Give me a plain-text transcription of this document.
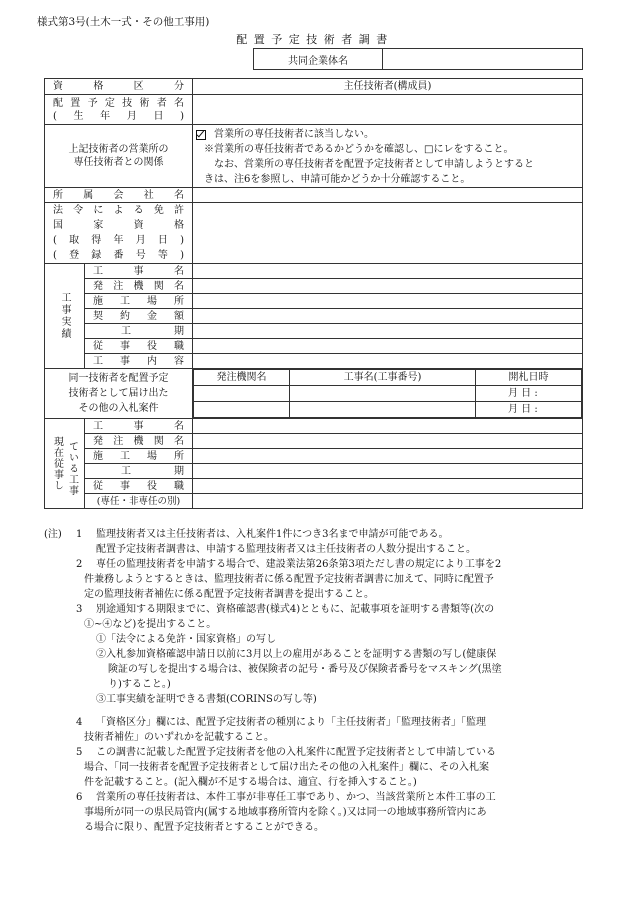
様式第3号(土木一式・その他工事用)
配置予定技術者調書
共同企業体名
資格区分	主任技術者(構成員)

配置予定技術者名
(生年月日)

上記技術者の営業所の
専任技術者との関係

営業所の専任技術者に該当しない。
※営業所の専任技術者であるかどうかを確認し、□にレをすること。
なお、営業所の専任技術者を配置予定技術者として申請しようとすると
きは、注6を参照し、申請可能かどうか十分確認すること。

所属会社名

法令による免許
国家資格
(取得年月日)
(登録番号等)

工事実績	
工事名

発注機関名

施工場所

契約金額

工期

従事役職

工事内容

同一技術者を配置予定
技術者として届け出た
その他の入札案件

発注機関名	工事名(工事番号)	開札日時
		月 日 :
		月 日 :

現在従事し ている工事

工事名

発注機関名

施工場所

工期

従事役職

(専任・非専任の別)	
(注) 1 監理技術者又は主任技術者は、入札案件1件につき3名まで申請が可能である。
配置予定技術者調書は、申請する監理技術者又は主任技術者の人数分提出すること。
2 専任の監理技術者を申請する場合で、建設業法第26条第3項ただし書の規定により工事を2
件兼務しようとするときは、監理技術者に係る配置予定技術者調書に加えて、同時に配置予
定の監理技術者補佐に係る配置予定技術者調書を提出すること。
3 別途通知する期限までに、資格確認書(様式4)とともに、記載事項を証明する書類等(次の
①~④など)を提出すること。
①「法令による免許・国家資格」の写し
②入札参加資格確認申請日以前に3月以上の雇用があることを証明する書類の写し(健康保
険証の写しを提出する場合は、被保険者の記号・番号及び保険者番号をマスキング(黒塗
り)すること。)
③工事実績を証明できる書類(CORINSの写し等)
4 「資格区分」欄には、配置予定技術者の種別により「主任技術者」「監理技術者」「監理
技術者補佐」のいずれかを記載すること。
5 この調書に記載した配置予定技術者を他の入札案件に配置予定技術者として申請している
場合、「同一技術者を配置予定技術者として届け出たその他の入札案件」欄に、その入札案
件を記載すること。(記入欄が不足する場合は、適宜、行を挿入すること。)
6 営業所の専任技術者は、本件工事が非専任工事であり、かつ、当該営業所と本件工事の工
事場所が同一の県民局管内(属する地域事務所管内を除く。)又は同一の地域事務所管内にあ
る場合に限り、配置予定技術者とすることができる。
